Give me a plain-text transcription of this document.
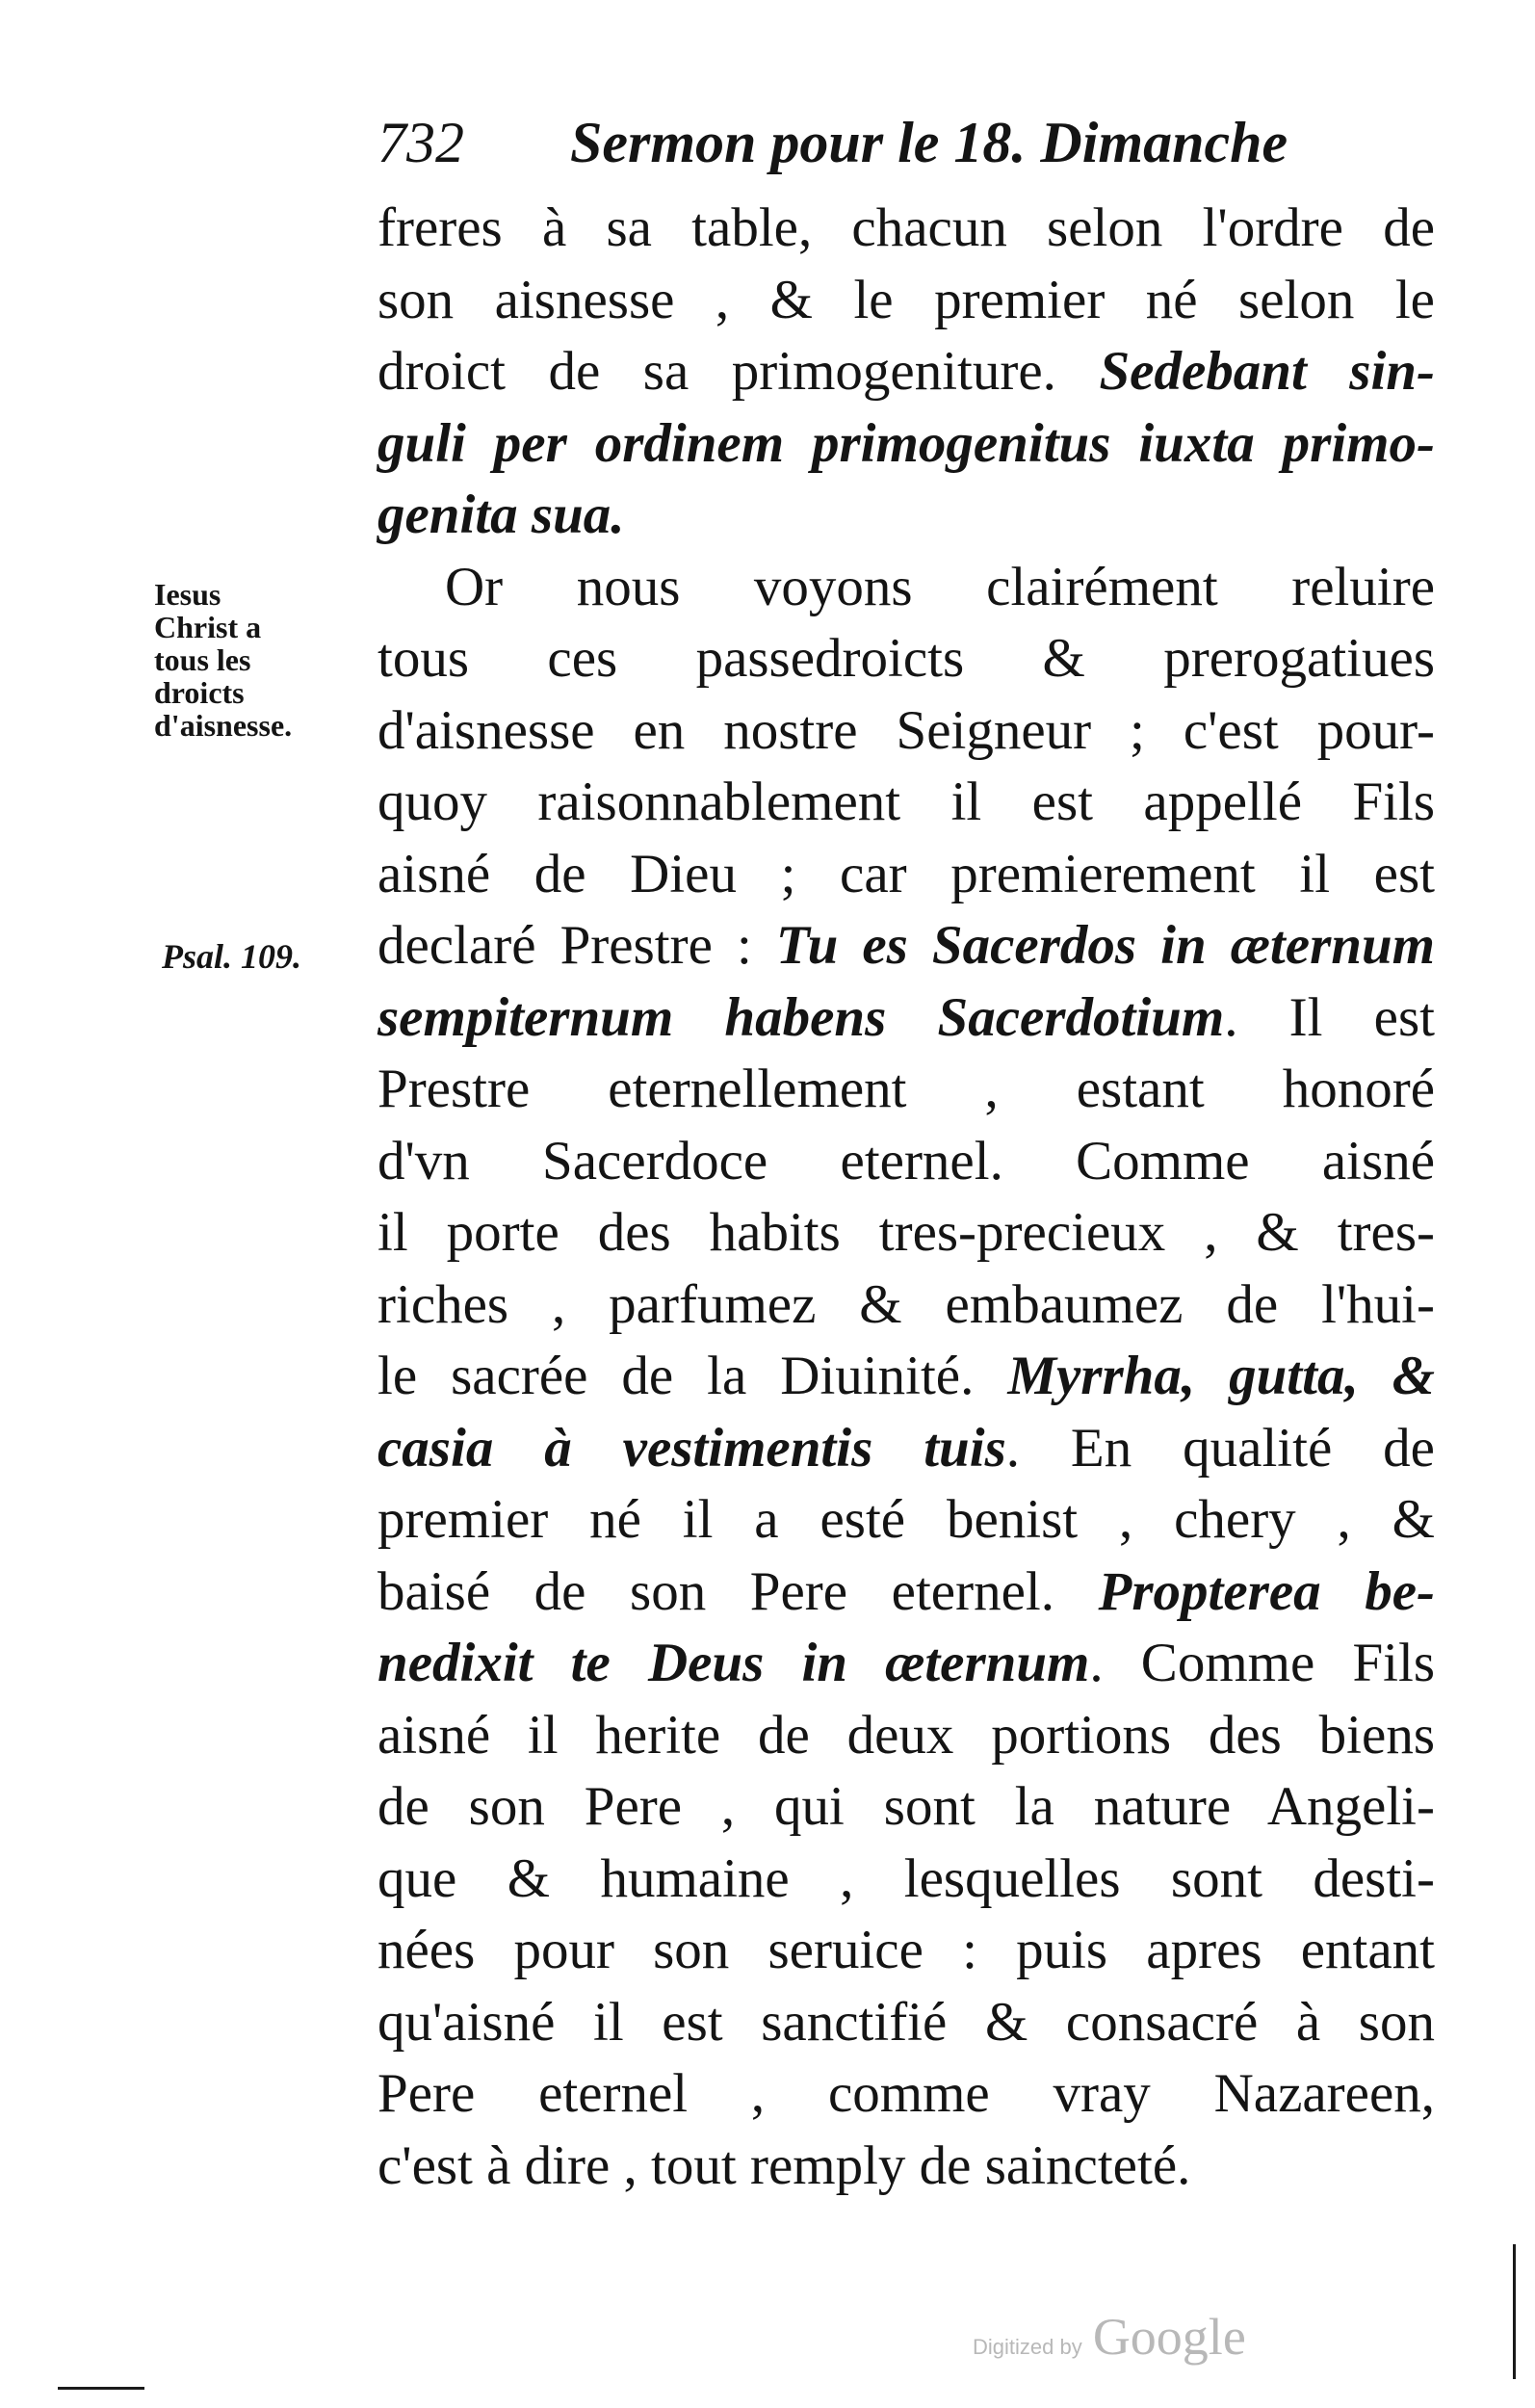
732 Sermon pour le 18. Dimanche
Iesus
Christ a
tous les
droicts
d'aisnesse.
Psal. 109.
freres à sa table, chacun selon l'ordre de
son aisnesse , & le premier né selon le
droict de sa primogeniture. Sedebant sin-
guli per ordinem primogenitus iuxta primo-
genita sua.
Or nous voyons clairément reluire
tous ces passedroicts & prerogatiues
d'aisnesse en nostre Seigneur ; c'est pour-
quoy raisonnablement il est appellé Fils
aisné de Dieu ; car premierement il est
declaré Prestre : Tu es Sacerdos in æternum
sempiternum habens Sacerdotium. Il est
Prestre eternellement , estant honoré
d'vn Sacerdoce eternel. Comme aisné
il porte des habits tres-precieux , & tres-
riches , parfumez & embaumez de l'hui-
le sacrée de la Diuinité. Myrrha, gutta, &
casia à vestimentis tuis. En qualité de
premier né il a esté benist , chery , &
baisé de son Pere eternel. Propterea be-
nedixit te Deus in æternum. Comme Fils
aisné il herite de deux portions des biens
de son Pere , qui sont la nature Angeli-
que & humaine , lesquelles sont desti-
nées pour son seruice : puis apres entant
qu'aisné il est sanctifié & consacré à son
Pere eternel , comme vray Nazareen,
c'est à dire , tout remply de saincteté.
Digitized by Google
